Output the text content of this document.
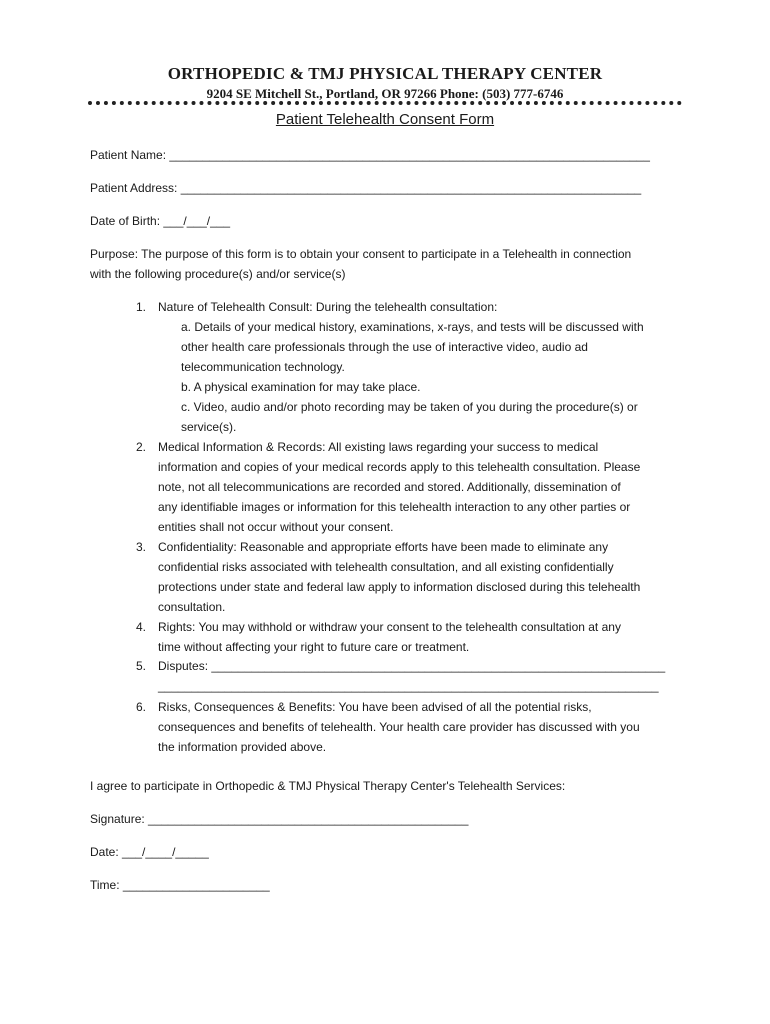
ORTHOPEDIC & TMJ PHYSICAL THERAPY CENTER
9204 SE Mitchell St., Portland, OR 97266 Phone: (503) 777-6746
Patient Telehealth Consent Form
Patient Name: ________________________________________________________________________
Patient Address: _____________________________________________________________________
Date of Birth: ___/___/___
Purpose: The purpose of this form is to obtain your consent to participate in a Telehealth in connection
with the following procedure(s) and/or service(s)
1. Nature of Telehealth Consult: During the telehealth consultation:
a. Details of your medical history, examinations, x-rays, and tests will be discussed with
other health care professionals through the use of interactive video, audio ad
telecommunication technology.
b. A physical examination for may take place.
c. Video, audio and/or photo recording may be taken of you during the procedure(s) or
service(s).
2. Medical Information & Records: All existing laws regarding your success to medical
information and copies of your medical records apply to this telehealth consultation. Please
note, not all telecommunications are recorded and stored. Additionally, dissemination of
any identifiable images or information for this telehealth interaction to any other parties or
entities shall not occur without your consent.
3. Confidentiality: Reasonable and appropriate efforts have been made to eliminate any
confidential risks associated with telehealth consultation, and all existing confidentially
protections under state and federal law apply to information disclosed during this telehealth
consultation.
4. Rights: You may withhold or withdraw your consent to the telehealth consultation at any
time without affecting your right to future care or treatment.
5. Disputes: ____________________________________________________________________
___________________________________________________________________________
6. Risks, Consequences & Benefits: You have been advised of all the potential risks,
consequences and benefits of telehealth. Your health care provider has discussed with you
the information provided above.
I agree to participate in Orthopedic & TMJ Physical Therapy Center's Telehealth Services:
Signature: ________________________________________________
Date: ___/____/_____
Time: ______________________
